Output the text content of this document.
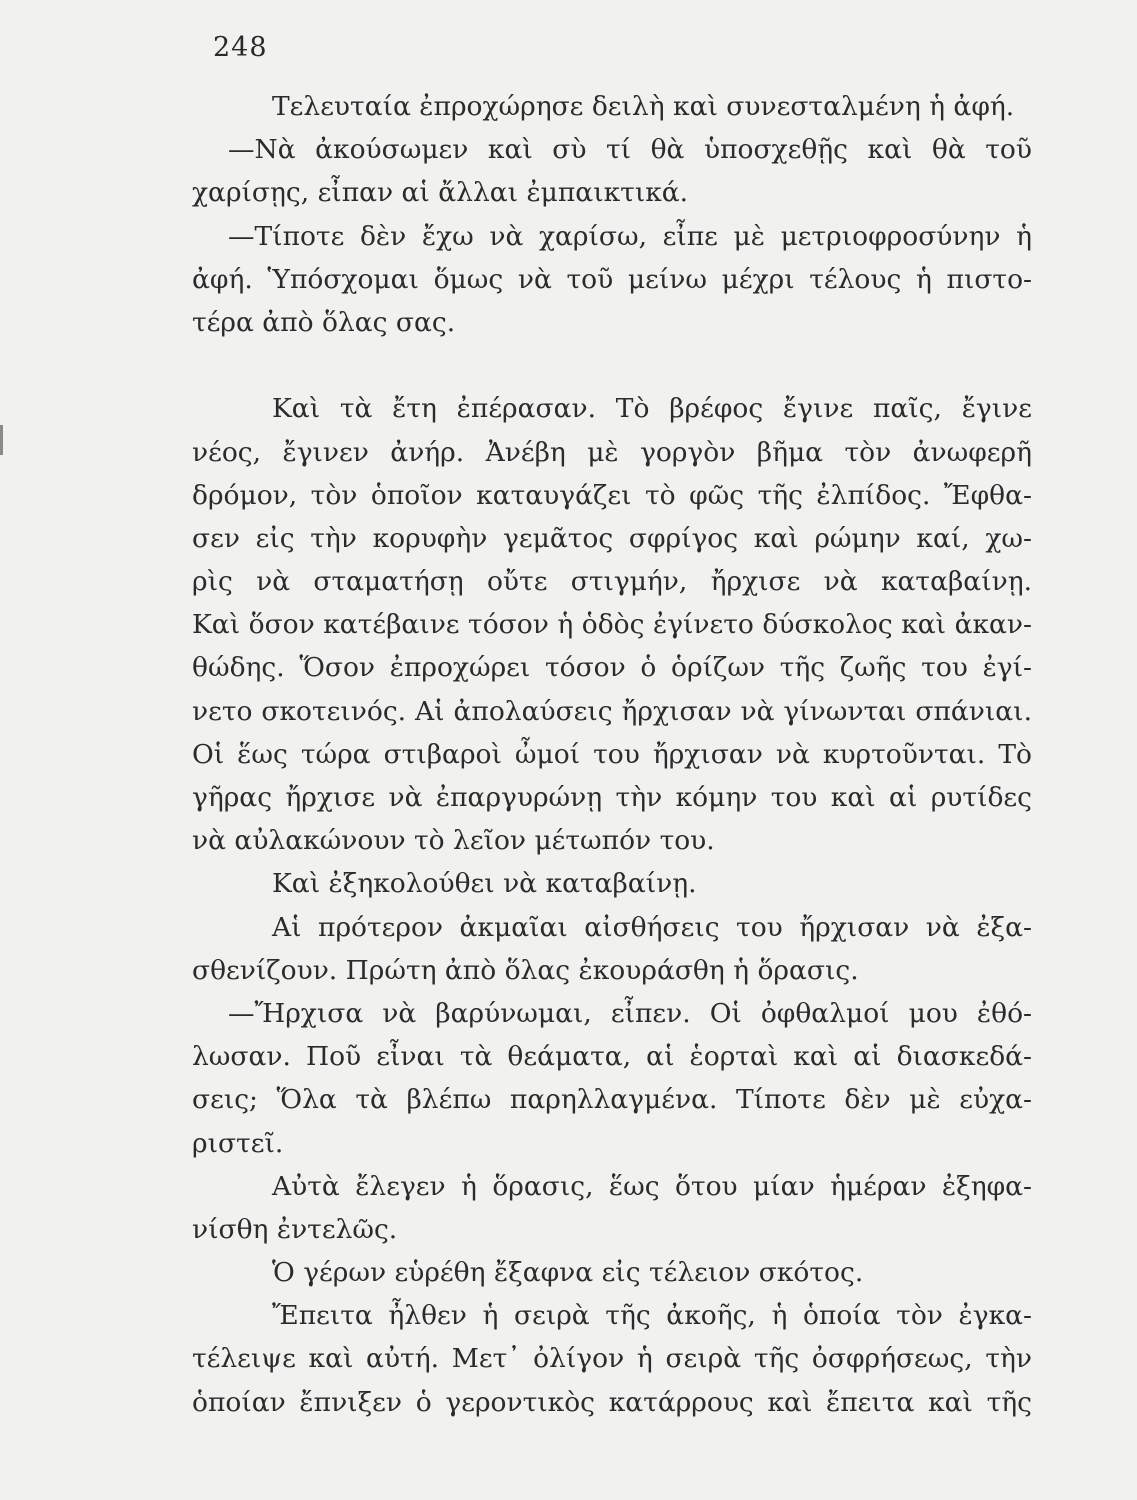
248
Τελευταία ἐπροχώρησε δειλὴ καὶ συνεσταλμένη ἡ ἀφή.
—Νὰ ἀκούσωμεν καὶ σὺ τί θὰ ὑποσχεθῇς καὶ θὰ τοῦ
χαρίσῃς, εἶπαν αἱ ἄλλαι ἐμπαικτικά.
—Τίποτε δὲν ἔχω νὰ χαρίσω, εἶπε μὲ μετριοφροσύνην ἡ
ἀφή. Ὑπόσχομαι ὅμως νὰ τοῦ μείνω μέχρι τέλους ἡ πιστο-
τέρα ἀπὸ ὅλας σας.
Καὶ τὰ ἔτη ἐπέρασαν. Τὸ βρέφος ἔγινε παῖς, ἔγινε
νέος, ἔγινεν ἀνήρ. Ἀνέβη μὲ γοργὸν βῆμα τὸν ἀνωφερῆ
δρόμον, τὸν ὁποῖον καταυγάζει τὸ φῶς τῆς ἐλπίδος. Ἔφθα-
σεν εἰς τὴν κορυφὴν γεμᾶτος σφρίγος καὶ ρώμην καί, χω-
ρὶς νὰ σταματήσῃ οὔτε στιγμήν, ἤρχισε νὰ καταβαίνῃ.
Καὶ ὅσον κατέβαινε τόσον ἡ ὁδὸς ἐγίνετο δύσκολος καὶ ἀκαν-
θώδης. Ὅσον ἐπροχώρει τόσον ὁ ὁρίζων τῆς ζωῆς του ἐγί-
νετο σκοτεινός. Αἱ ἀπολαύσεις ἤρχισαν νὰ γίνωνται σπάνιαι.
Οἱ ἕως τώρα στιβαροὶ ὦμοί του ἤρχισαν νὰ κυρτοῦνται. Τὸ
γῆρας ἤρχισε νὰ ἐπαργυρώνῃ τὴν κόμην του καὶ αἱ ρυτίδες
νὰ αὐλακώνουν τὸ λεῖον μέτωπόν του.
Καὶ ἐξηκολούθει νὰ καταβαίνῃ.
Αἱ πρότερον ἀκμαῖαι αἰσθήσεις του ἤρχισαν νὰ ἐξα-
σθενίζουν. Πρώτη ἀπὸ ὅλας ἐκουράσθη ἡ ὅρασις.
—Ἤρχισα νὰ βαρύνωμαι, εἶπεν. Οἱ ὀφθαλμοί μου ἐθό-
λωσαν. Ποῦ εἶναι τὰ θεάματα, αἱ ἑορταὶ καὶ αἱ διασκεδά-
σεις; Ὅλα τὰ βλέπω παρηλλαγμένα. Τίποτε δὲν μὲ εὐχα-
ριστεῖ.
Αὐτὰ ἔλεγεν ἡ ὅρασις, ἕως ὅτου μίαν ἡμέραν ἐξηφα-
νίσθη ἐντελῶς.
Ὁ γέρων εὑρέθη ἔξαφνα εἰς τέλειον σκότος.
Ἔπειτα ἦλθεν ἡ σειρὰ τῆς ἀκοῆς, ἡ ὁποία τὸν ἐγκα-
τέλειψε καὶ αὐτή. Μετ᾽ ὀλίγον ἡ σειρὰ τῆς ὀσφρήσεως, τὴν
ὁποίαν ἔπνιξεν ὁ γεροντικὸς κατάρρους καὶ ἔπειτα καὶ τῆς
